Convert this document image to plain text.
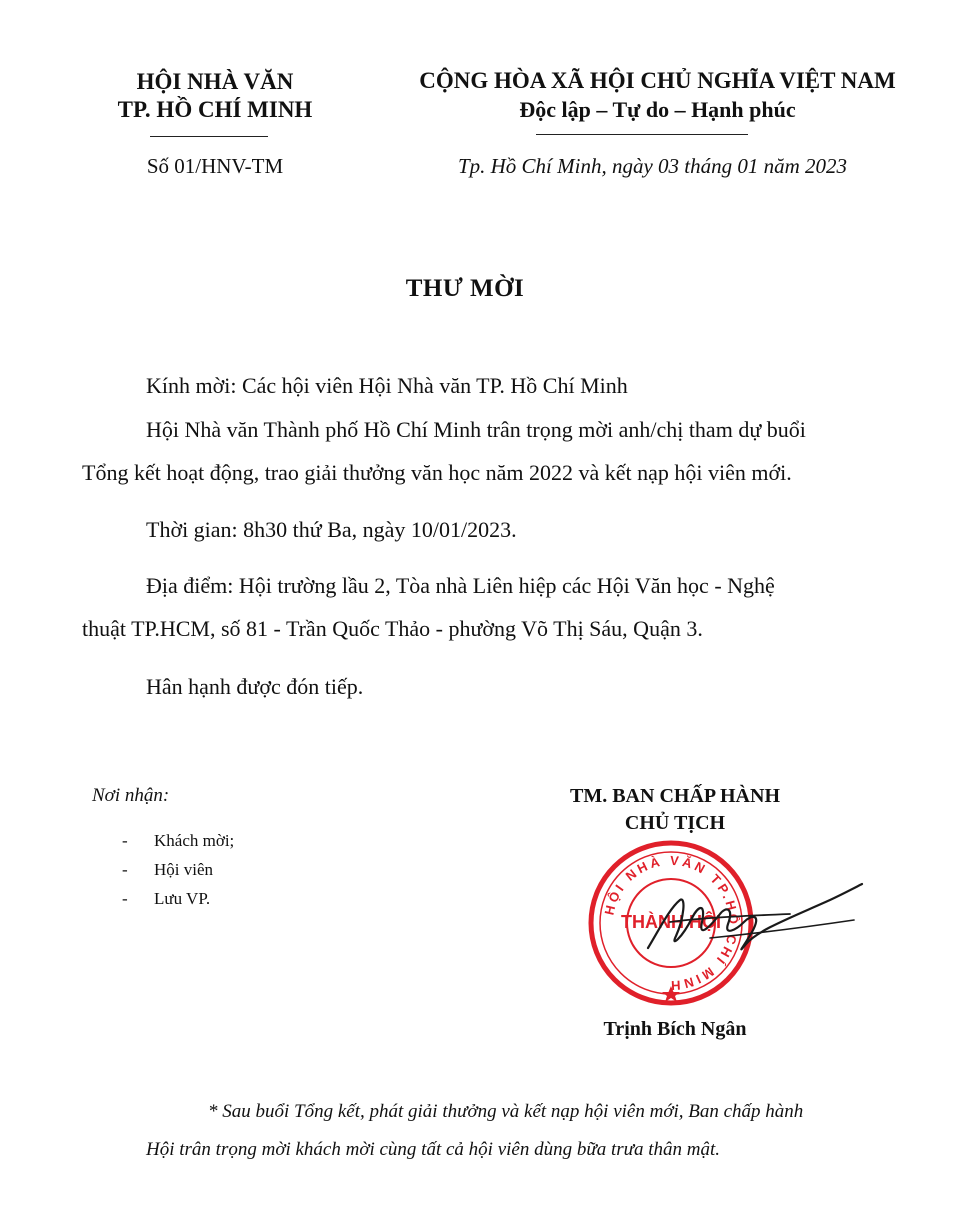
HỘI NHÀ VĂN
TP. HỒ CHÍ MINH
Số 01/HNV-TM
CỘNG HÒA XÃ HỘI CHỦ NGHĨA VIỆT NAM
Độc lập – Tự do – Hạnh phúc
Tp. Hồ Chí Minh, ngày 03 tháng 01 năm 2023
THƯ MỜI
Kính mời: Các hội viên Hội Nhà văn TP. Hồ Chí Minh
Hội Nhà văn Thành phố Hồ Chí Minh trân trọng mời anh/chị tham dự buổi
Tổng kết hoạt động, trao giải thưởng văn học năm 2022 và kết nạp hội viên mới.
Thời gian: 8h30 thứ Ba, ngày 10/01/2023.
Địa điểm: Hội trường lầu 2, Tòa nhà Liên hiệp các Hội Văn học - Nghệ
thuật TP.HCM, số 81 - Trần Quốc Thảo - phường Võ Thị Sáu, Quận 3.
Hân hạnh được đón tiếp.
Nơi nhận:
- Khách mời;
- Hội viên
- Lưu VP.
TM. BAN CHẤP HÀNH
CHỦ TỊCH
HỘI NHÀ VĂN TP.HỒ CHÍ MINH
THÀNH HỘI
Trịnh Bích Ngân
* Sau buổi Tổng kết, phát giải thưởng và kết nạp hội viên mới, Ban chấp hành
Hội trân trọng mời khách mời cùng tất cả hội viên dùng bữa trưa thân mật.
